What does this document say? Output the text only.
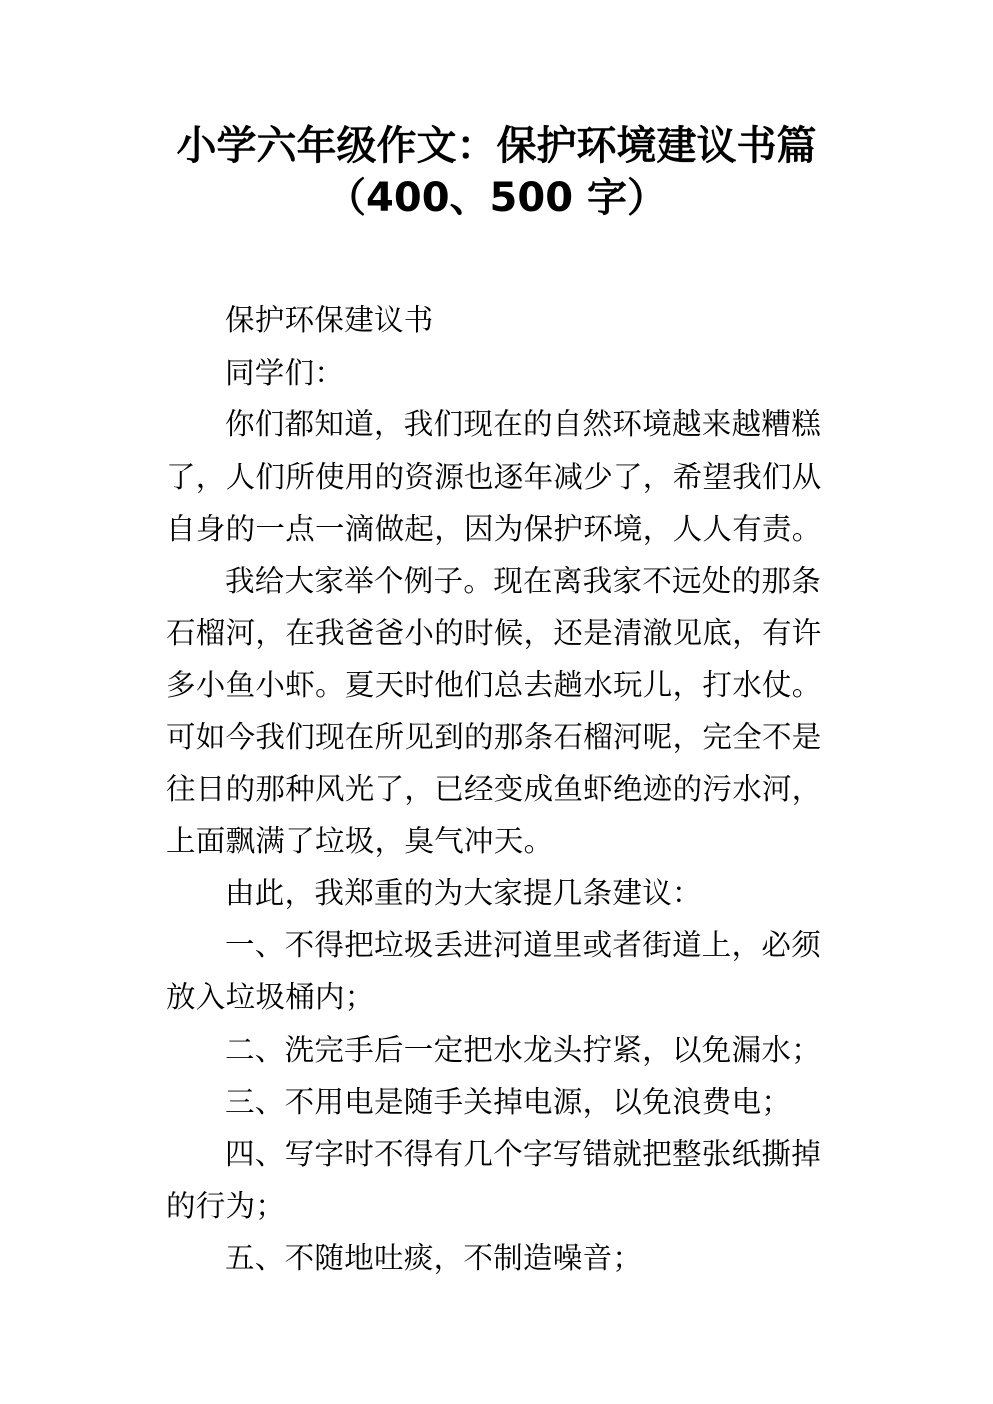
小学六年级作文：保护环境建议书篇
（400、500 字）
保护环保建议书
同学们：
你们都知道，我们现在的自然环境越来越糟糕
了，人们所使用的资源也逐年减少了，希望我们从
自身的一点一滴做起，因为保护环境，人人有责。
我给大家举个例子。现在离我家不远处的那条
石榴河，在我爸爸小的时候，还是清澈见底，有许
多小鱼小虾。夏天时他们总去趟水玩儿，打水仗。
可如今我们现在所见到的那条石榴河呢，完全不是
往日的那种风光了，已经变成鱼虾绝迹的污水河，
上面飘满了垃圾，臭气冲天。
由此，我郑重的为大家提几条建议：
一、不得把垃圾丢进河道里或者街道上，必须
放入垃圾桶内；
二、洗完手后一定把水龙头拧紧，以免漏水；
三、不用电是随手关掉电源，以免浪费电；
四、写字时不得有几个字写错就把整张纸撕掉
的行为；
五、不随地吐痰，不制造噪音；
